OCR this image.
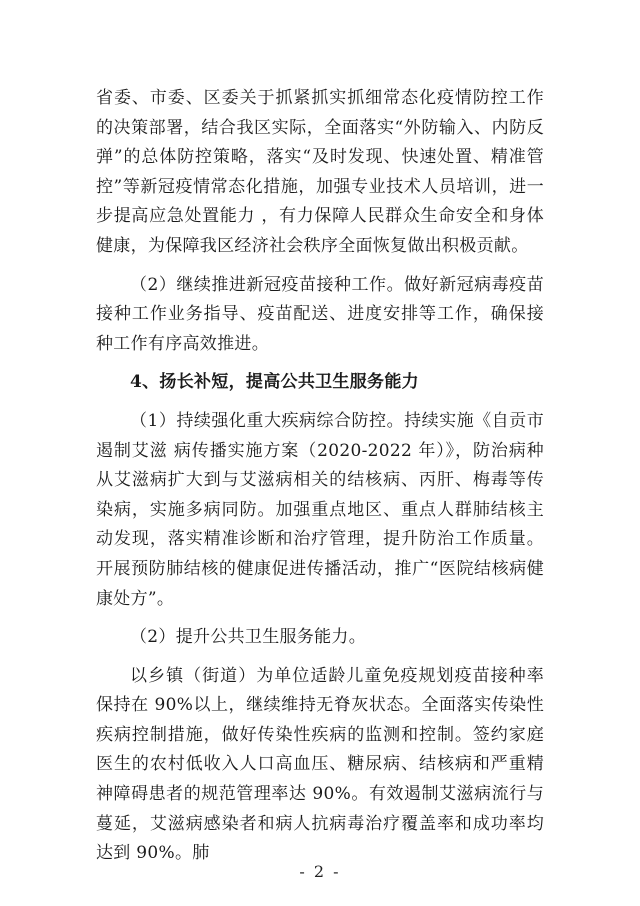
省委、市委、区委关于抓紧抓实抓细常态化疫情防控工作的决策部署，结合我区实际，全面落实“外防输入、内防反弹”的总体防控策略，落实“及时发现、快速处置、精准管控”等新冠疫情常态化措施，加强专业技术人员培训，进一步提高应急处置能力 ，有力保障人民群众生命安全和身体健康，为保障我区经济社会秩序全面恢复做出积极贡献。

（2）继续推进新冠疫苗接种工作。做好新冠病毒疫苗接种工作业务指导、疫苗配送、进度安排等工作，确保接种工作有序高效推进。

4、扬长补短，提高公共卫生服务能力

（1）持续强化重大疾病综合防控。持续实施《自贡市遏制艾滋 病传播实施方案（2020-2022 年）》，防治病种从艾滋病扩大到与艾滋病相关的结核病、丙肝、梅毒等传染病，实施多病同防。加强重点地区、重点人群肺结核主动发现，落实精准诊断和治疗管理，提升防治工作质量。开展预防肺结核的健康促进传播活动，推广“医院结核病健康处方”。

（2）提升公共卫生服务能力。

以乡镇（街道）为单位适龄儿童免疫规划疫苗接种率保持在 90%以上，继续维持无脊灰状态。全面落实传染性疾病控制措施，做好传染性疾病的监测和控制。签约家庭医生的农村低收入人口高血压、糖尿病、结核病和严重精神障碍患者的规范管理率达 90%。有效遏制艾滋病流行与蔓延，艾滋病感染者和病人抗病毒治疗覆盖率和成功率均达到 90%。肺

- 2 -
